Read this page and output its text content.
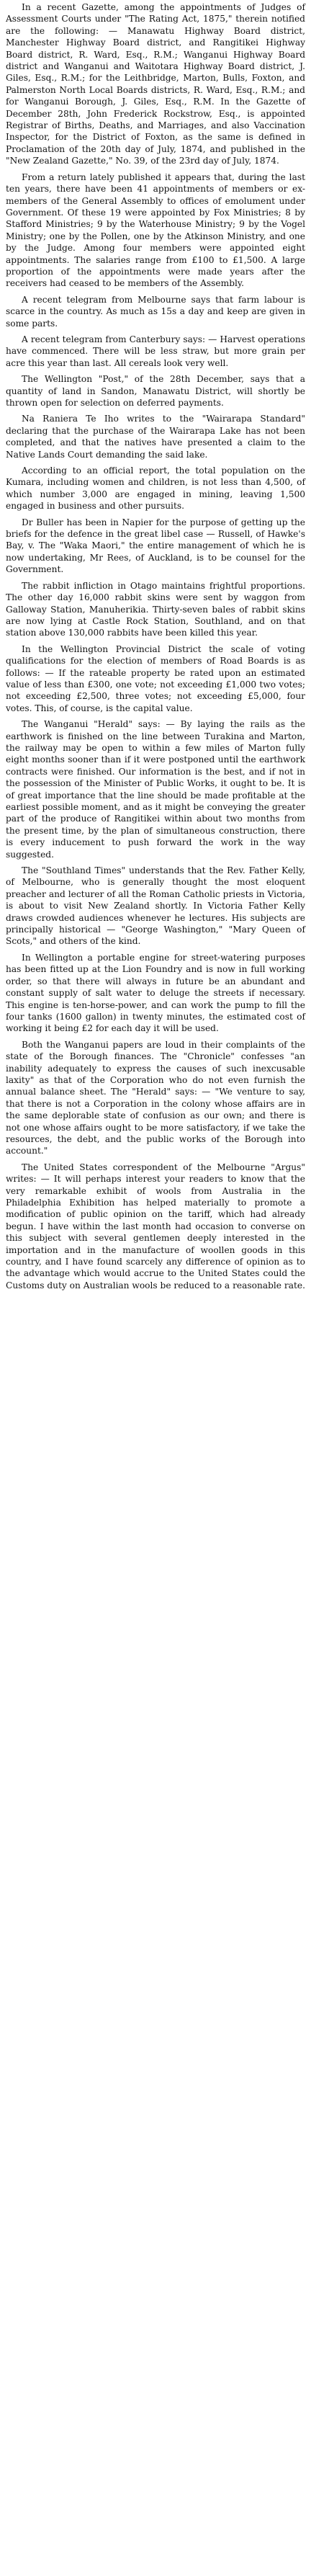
In a recent Gazette, among the appointments of Judges of Assessment Courts under "The Rating Act, 1875," therein notified are the following: — Manawatu Highway Board district, Manchester Highway Board district, and Rangitikei Highway Board district, R. Ward, Esq., R.M.; Wanganui Highway Board district and Wanganui and Waitotara Highway Board district, J. Giles, Esq., R.M.; for the Leithbridge, Marton, Bulls, Foxton, and Palmerston North Local Boards districts, R. Ward, Esq., R.M.; and for Wanganui Borough, J. Giles, Esq., R.M. In the Gazette of December 28th, John Frederick Rockstrow, Esq., is appointed Registrar of Births, Deaths, and Marriages, and also Vaccination Inspector, for the District of Foxton, as the same is defined in Proclamation of the 20th day of July, 1874, and published in the "New Zealand Gazette," No. 39, of the 23rd day of July, 1874.

From a return lately published it appears that, during the last ten years, there have been 41 appointments of members or ex-members of the General Assembly to offices of emolument under Government. Of these 19 were appointed by Fox Ministries; 8 by Stafford Ministries; 9 by the Waterhouse Ministry; 9 by the Vogel Ministry; one by the Pollen, one by the Atkinson Ministry, and one by the Judge. Among four members were appointed eight appointments. The salaries range from £100 to £1,500. A large proportion of the appointments were made years after the receivers had ceased to be members of the Assembly.

A recent telegram from Melbourne says that farm labour is scarce in the country. As much as 15s a day and keep are given in some parts.

A recent telegram from Canterbury says: — Harvest operations have commenced. There will be less straw, but more grain per acre this year than last. All cereals look very well.

The Wellington "Post," of the 28th December, says that a quantity of land in Sandon, Manawatu District, will shortly be thrown open for selection on deferred payments.

Na Raniera Te Iho writes to the "Wairarapa Standard" declaring that the purchase of the Wairarapa Lake has not been completed, and that the natives have presented a claim to the Native Lands Court demanding the said lake.

According to an official report, the total population on the Kumara, including women and children, is not less than 4,500, of which number 3,000 are engaged in mining, leaving 1,500 engaged in business and other pursuits.

Dr Buller has been in Napier for the purpose of getting up the briefs for the defence in the great libel case — Russell, of Hawke's Bay, v. The "Waka Maori," the entire management of which he is now undertaking, Mr Rees, of Auckland, is to be counsel for the Government.

The rabbit infliction in Otago maintains frightful proportions. The other day 16,000 rabbit skins were sent by waggon from Galloway Station, Manuherikia. Thirty-seven bales of rabbit skins are now lying at Castle Rock Station, Southland, and on that station above 130,000 rabbits have been killed this year.

In the Wellington Provincial District the scale of voting qualifications for the election of members of Road Boards is as follows: — If the rateable property be rated upon an estimated value of less than £300, one vote; not exceeding £1,000 two votes; not exceeding £2,500, three votes; not exceeding £5,000, four votes. This, of course, is the capital value.

The Wanganui "Herald" says: — By laying the rails as the earthwork is finished on the line between Turakina and Marton, the railway may be open to within a few miles of Marton fully eight months sooner than if it were postponed until the earthwork contracts were finished. Our information is the best, and if not in the possession of the Minister of Public Works, it ought to be. It is of great importance that the line should be made profitable at the earliest possible moment, and as it might be conveying the greater part of the produce of Rangitikei within about two months from the present time, by the plan of simultaneous construction, there is every inducement to push forward the work in the way suggested.

The "Southland Times" understands that the Rev. Father Kelly, of Melbourne, who is generally thought the most eloquent preacher and lecturer of all the Roman Catholic priests in Victoria, is about to visit New Zealand shortly. In Victoria Father Kelly draws crowded audiences whenever he lectures. His subjects are principally historical — "George Washington," "Mary Queen of Scots," and others of the kind.

In Wellington a portable engine for street-watering purposes has been fitted up at the Lion Foundry and is now in full working order, so that there will always in future be an abundant and constant supply of salt water to deluge the streets if necessary. This engine is ten-horse-power, and can work the pump to fill the four tanks (1600 gallon) in twenty minutes, the estimated cost of working it being £2 for each day it will be used.

Both the Wanganui papers are loud in their complaints of the state of the Borough finances. The "Chronicle" confesses "an inability adequately to express the causes of such inexcusable laxity" as that of the Corporation who do not even furnish the annual balance sheet. The "Herald" says: — "We venture to say, that there is not a Corporation in the colony whose affairs are in the same deplorable state of confusion as our own; and there is not one whose affairs ought to be more satisfactory, if we take the resources, the debt, and the public works of the Borough into account."

The United States correspondent of the Melbourne "Argus" writes: — It will perhaps interest your readers to know that the very remarkable exhibit of wools from Australia in the Philadelphia Exhibition has helped materially to promote a modification of public opinion on the tariff, which had already begun. I have within the last month had occasion to converse on this subject with several gentlemen deeply interested in the importation and in the manufacture of woollen goods in this country, and I have found scarcely any difference of opinion as to the advantage which would accrue to the United States could the Customs duty on Australian wools be reduced to a reasonable rate.
